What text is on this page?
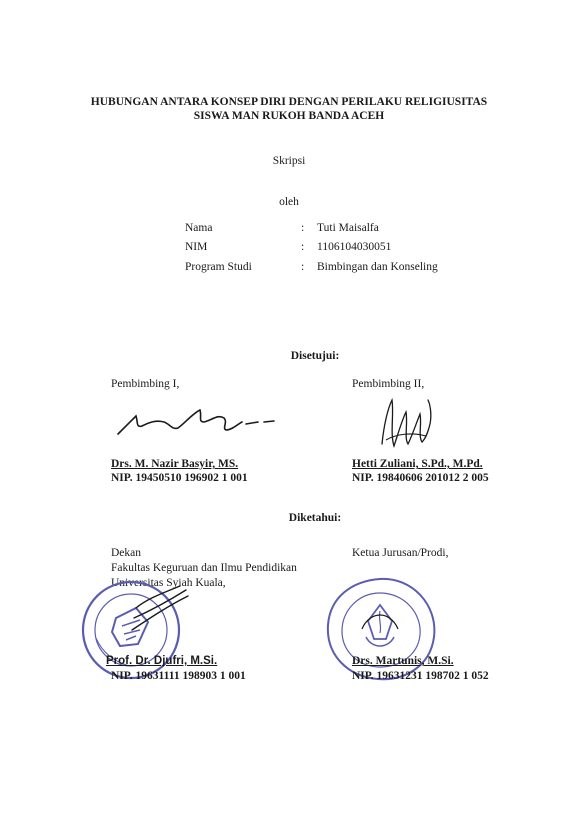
HUBUNGAN ANTARA KONSEP DIRI DENGAN PERILAKU RELIGIUSITAS
SISWA MAN RUKOH BANDA ACEH
Skripsi
oleh
Nama	: Tuti Maisalfa
NIM	: 1106104030051
Program Studi	: Bimbingan dan Konseling
Disetujui:
Pembimbing I,	Pembimbing II,
Drs. M. Nazir Basyir, MS.
NIP. 19450510 196902 1 001
Hetti Zuliani, S.Pd., M.Pd.
NIP. 19840606 201012 2 005
Diketahui:
Dekan
Fakultas Keguruan dan Ilmu Pendidikan
Universitas Syiah Kuala,
Ketua Jurusan/Prodi,
Prof. Dr. Djufri, M.Si.
NIP. 19631111 198903 1 001
Drs. Martunis, M.Si.
NIP. 19631231 198702 1 052
